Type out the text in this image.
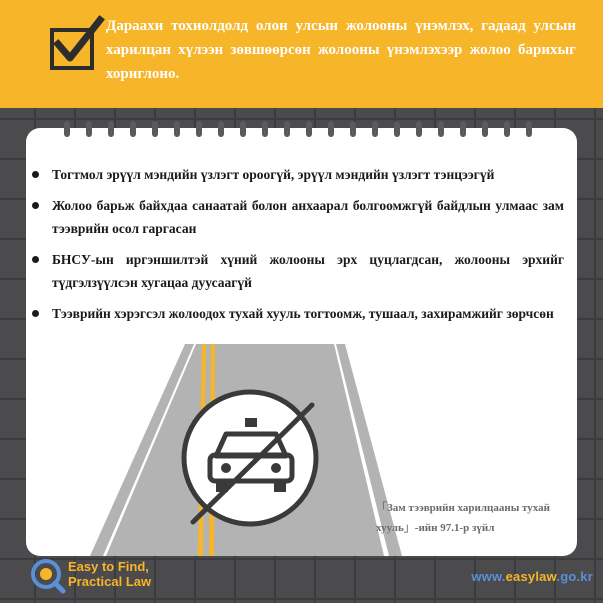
Дараахи тохиолдолд олон улсын жолооны үнэмлэх, гадаад улсын харилцан хүлээн зөвшөөрсөн жолооны үнэмлэхээр жолоо барихыг хориглоно.
Тогтмол эрүүл мэндийн үзлэгт ороогүй, эрүүл мэндийн үзлэгт тэнцээгүй
Жолоо барьж байхдаа санаатай болон анхаарал болгоомжгүй байдлын улмаас зам тээврийн осол гаргасан
БНСУ-ын иргэншилтэй хүний жолооны эрх цуцлагдсан, жолооны эрхийг түдгэлзүүлсэн хугацаа дуусаагүй
Тээврийн хэрэгсэл жолоодох тухай хууль тогтоомж, тушаал, захирамжийг зөрчсөн
「Зам тээврийн харилцааны тухай
хууль」-ийн 97.1-р зүйл
Easy to Find,
Practical Law	www.easylaw.go.kr
